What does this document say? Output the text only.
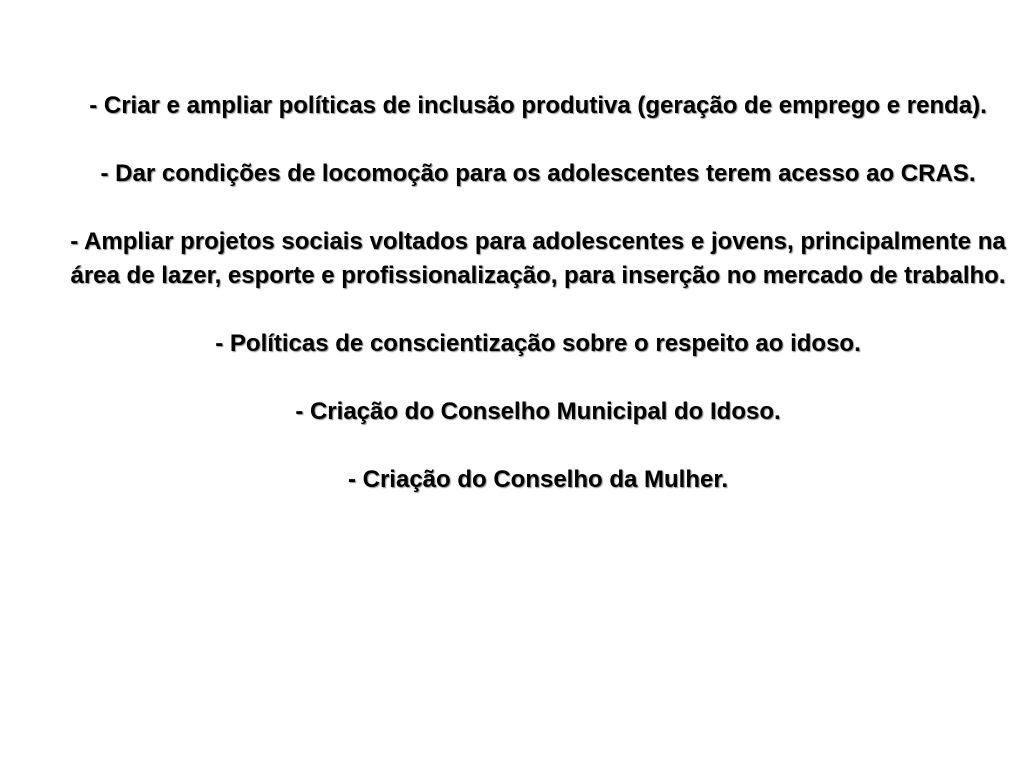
- Criar e ampliar políticas de inclusão produtiva (geração de emprego e renda).

- Dar condições de locomoção para os adolescentes terem acesso ao CRAS.

- Ampliar projetos sociais voltados para adolescentes e jovens, principalmente na área de lazer, esporte e profissionalização, para inserção no mercado de trabalho.

- Políticas de conscientização sobre o respeito ao idoso.

- Criação do Conselho Municipal do Idoso.

- Criação do Conselho da Mulher.
